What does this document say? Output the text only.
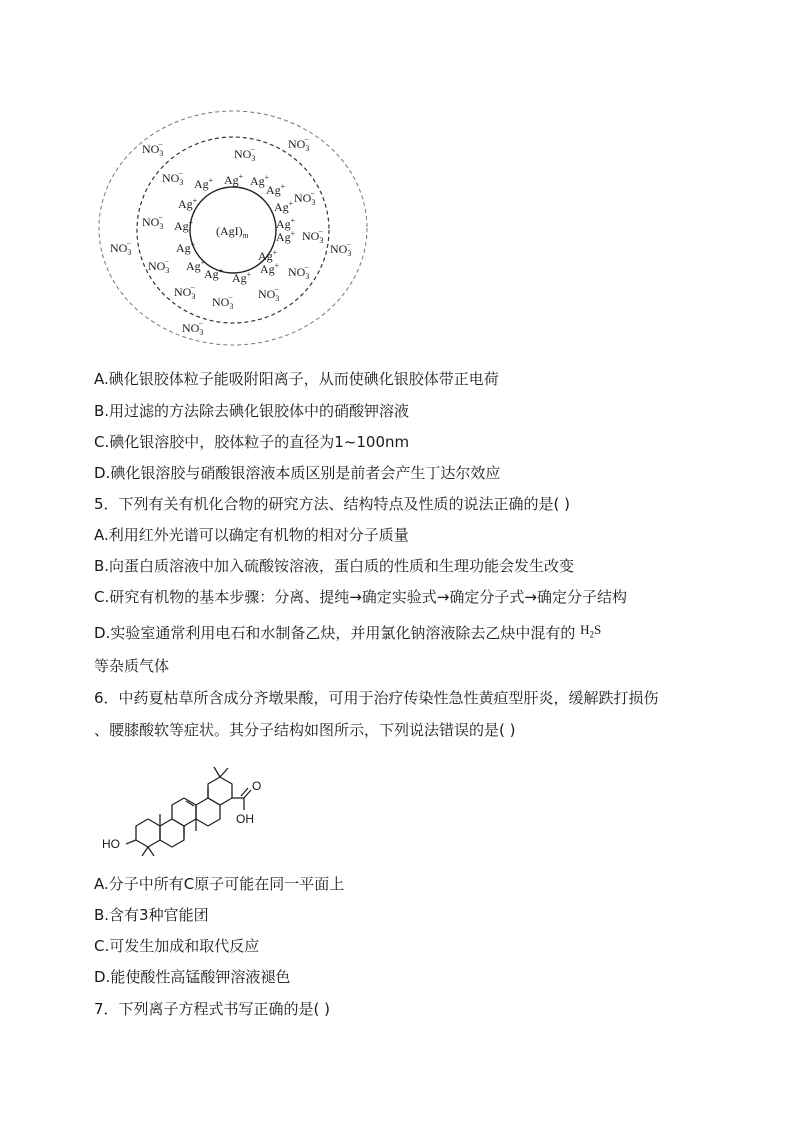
$(AgI)_m$
Ag+ Ag+ Ag+
Ag+
Ag+	Ag+
Ag+	Ag+
Ag+
Ag+
Ag+	Ag+
Ag+
Ag+ Ag+
$NO_3-$
$NO_3-$	$NO_3-$
$NO_3-$
$NO_3-$
$NO_3-$
$NO_3-$
$NO_3-$	$NO_3-$
$NO_3-$
$NO_3-$
$NO_3-$	$NO_3-$
$NO_3-$
$NO_3-$
A.碘化银胶体粒子能吸附阳离子，从而使碘化银胶体带正电荷
B.用过滤的方法除去碘化银胶体中的硝酸钾溶液
C.碘化银溶胶中，胶体粒子的直径为1~100nm
D.碘化银溶胶与硝酸银溶液本质区别是前者会产生丁达尔效应
5．下列有关有机化合物的研究方法、结构特点及性质的说法正确的是( )
A.利用红外光谱可以确定有机物的相对分子质量
B.向蛋白质溶液中加入硫酸铵溶液，蛋白质的性质和生理功能会发生改变
C.研究有机物的基本步骤：分离、提纯→确定实验式→确定分子式→确定分子结构
D.实验室通常利用电石和水制备乙炔，并用氯化钠溶液除去乙炔中混有的 $H_2S$
等杂质气体
6．中药夏枯草所含成分齐墩果酸，可用于治疗传染性急性黄疸型肝炎，缓解跌打损伤
、腰膝酸软等症状。其分子结构如图所示，下列说法错误的是( )
HO
OH
O
A.分子中所有C原子可能在同一平面上
B.含有3种官能团
C.可发生加成和取代反应
D.能使酸性高锰酸钾溶液褪色
7．下列离子方程式书写正确的是( )
